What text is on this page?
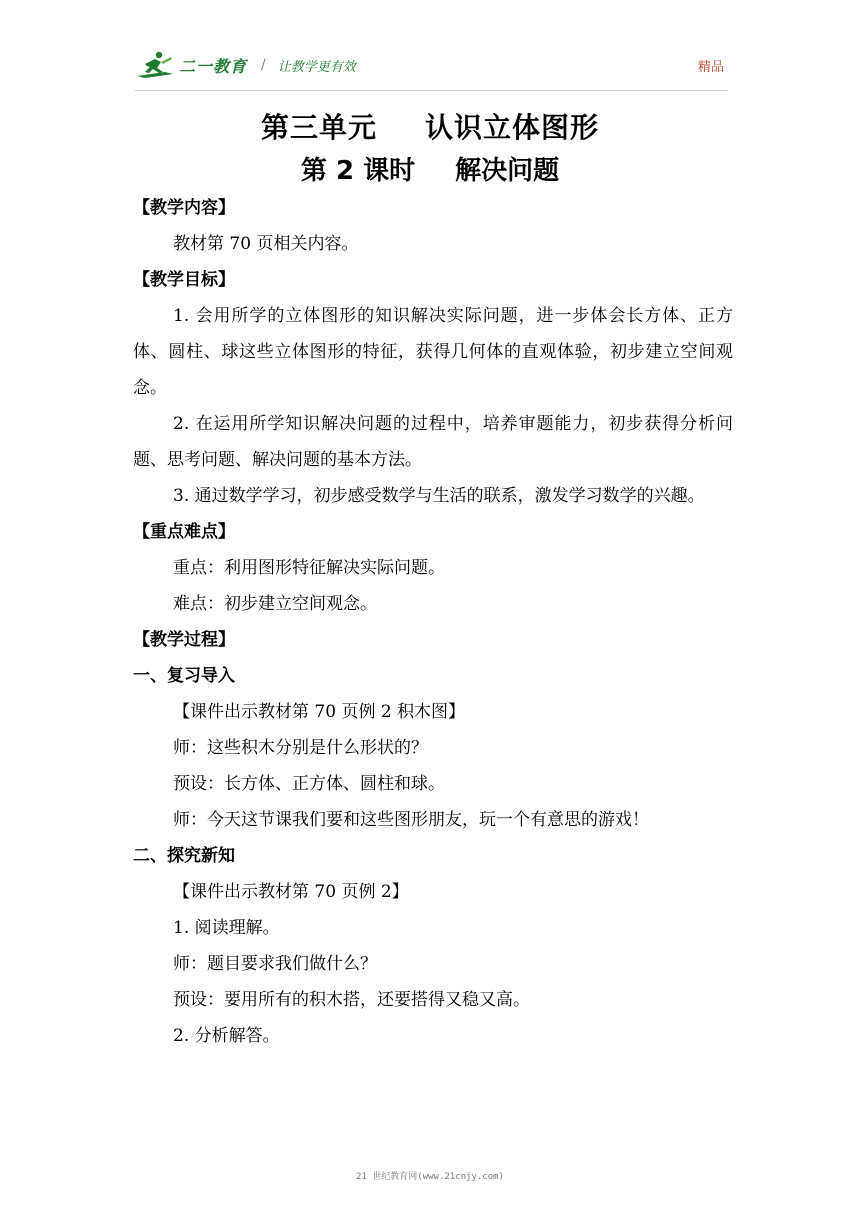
二一教育 / 让教学更有效	精品
第三单元 认识立体图形
第 2 课时 解决问题
【教学内容】
教材第 70 页相关内容。
【教学目标】
1. 会用所学的立体图形的知识解决实际问题，进一步体会长方体、正方体、圆柱、球这些立体图形的特征，获得几何体的直观体验，初步建立空间观念。
2. 在运用所学知识解决问题的过程中，培养审题能力，初步获得分析问题、思考问题、解决问题的基本方法。
3. 通过数学学习，初步感受数学与生活的联系，激发学习数学的兴趣。
【重点难点】
重点：利用图形特征解决实际问题。
难点：初步建立空间观念。
【教学过程】
一、复习导入
【课件出示教材第 70 页例 2 积木图】
师：这些积木分别是什么形状的？
预设：长方体、正方体、圆柱和球。
师：今天这节课我们要和这些图形朋友，玩一个有意思的游戏！
二、探究新知
【课件出示教材第 70 页例 2】
1. 阅读理解。
师：题目要求我们做什么？
预设：要用所有的积木搭，还要搭得又稳又高。
2. 分析解答。
21 世纪教育网(www.21cnjy.com)
